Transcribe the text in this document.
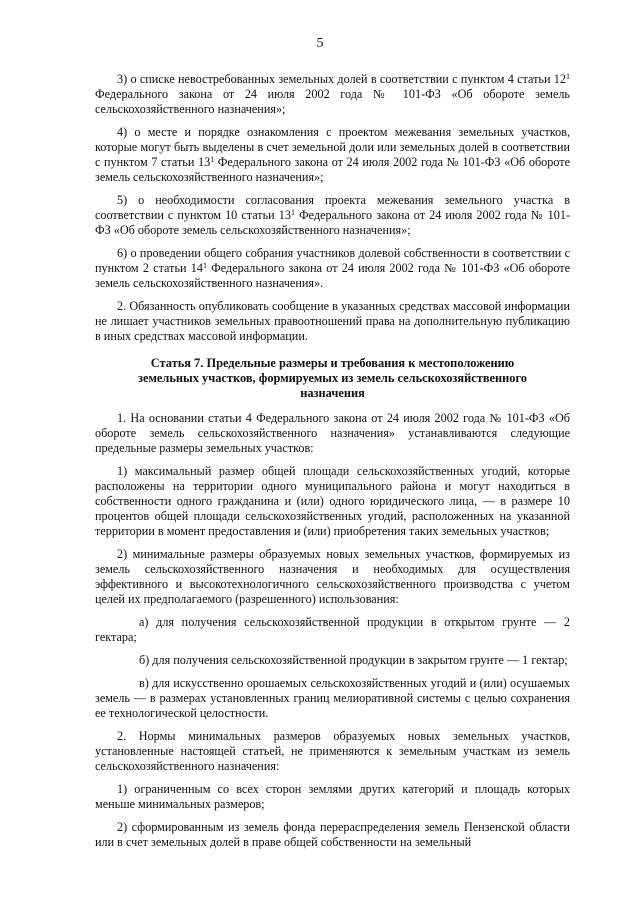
5

3) о списке невостребованных земельных долей в соответствии с пунктом 4 статьи $12^1$ Федерального закона от 24 июля 2002 года № 101-ФЗ «Об обороте земель сельскохозяйственного назначения»;

4) о месте и порядке ознакомления с проектом межевания земельных участков, которые могут быть выделены в счет земельной доли или земельных долей в соответствии с пунктом 7 статьи $13^1$ Федерального закона от 24 июля 2002 года № 101-ФЗ «Об обороте земель сельскохозяйственного назначения»;

5) о необходимости согласования проекта межевания земельного участка в соответствии с пунктом 10 статьи $13^1$ Федерального закона от 24 июля 2002 года № 101-ФЗ «Об обороте земель сельскохозяйственного назначения»;

6) о проведении общего собрания участников долевой собственности в соответствии с пунктом 2 статьи $14^1$ Федерального закона от 24 июля 2002 года № 101-ФЗ «Об обороте земель сельскохозяйственного назначения».

2. Обязанность опубликовать сообщение в указанных средствах массовой информации не лишает участников земельных правоотношений права на дополнительную публикацию в иных средствах массовой информации.

Статья 7. Предельные размеры и требования к местоположению земельных участков, формируемых из земель сельскохозяйственного назначения

1. На основании статьи 4 Федерального закона от 24 июля 2002 года № 101-ФЗ «Об обороте земель сельскохозяйственного назначения» устанавливаются следующие предельные размеры земельных участков:

1) максимальный размер общей площади сельскохозяйственных угодий, которые расположены на территории одного муниципального района и могут находиться в собственности одного гражданина и (или) одного юридического лица, — в размере 10 процентов общей площади сельскохозяйственных угодий, расположенных на указанной территории в момент предоставления и (или) приобретения таких земельных участков;

2) минимальные размеры образуемых новых земельных участков, формируемых из земель сельскохозяйственного назначения и необходимых для осуществления эффективного и высокотехнологичного сельскохозяйственного производства с учетом целей их предполагаемого (разрешенного) использования:

а) для получения сельскохозяйственной продукции в открытом грунте — 2 гектара;

б) для получения сельскохозяйственной продукции в закрытом грунте — 1 гектар;

в) для искусственно орошаемых сельскохозяйственных угодий и (или) осушаемых земель — в размерах установленных границ мелиоративной системы с целью сохранения ее технологической целостности.

2. Нормы минимальных размеров образуемых новых земельных участков, установленные настоящей статьей, не применяются к земельным участкам из земель сельскохозяйственного назначения:

1) ограниченным со всех сторон землями других категорий и площадь которых меньше минимальных размеров;

2) сформированным из земель фонда перераспределения земель Пензенской области или в счет земельных долей в праве общей собственности на земельный
